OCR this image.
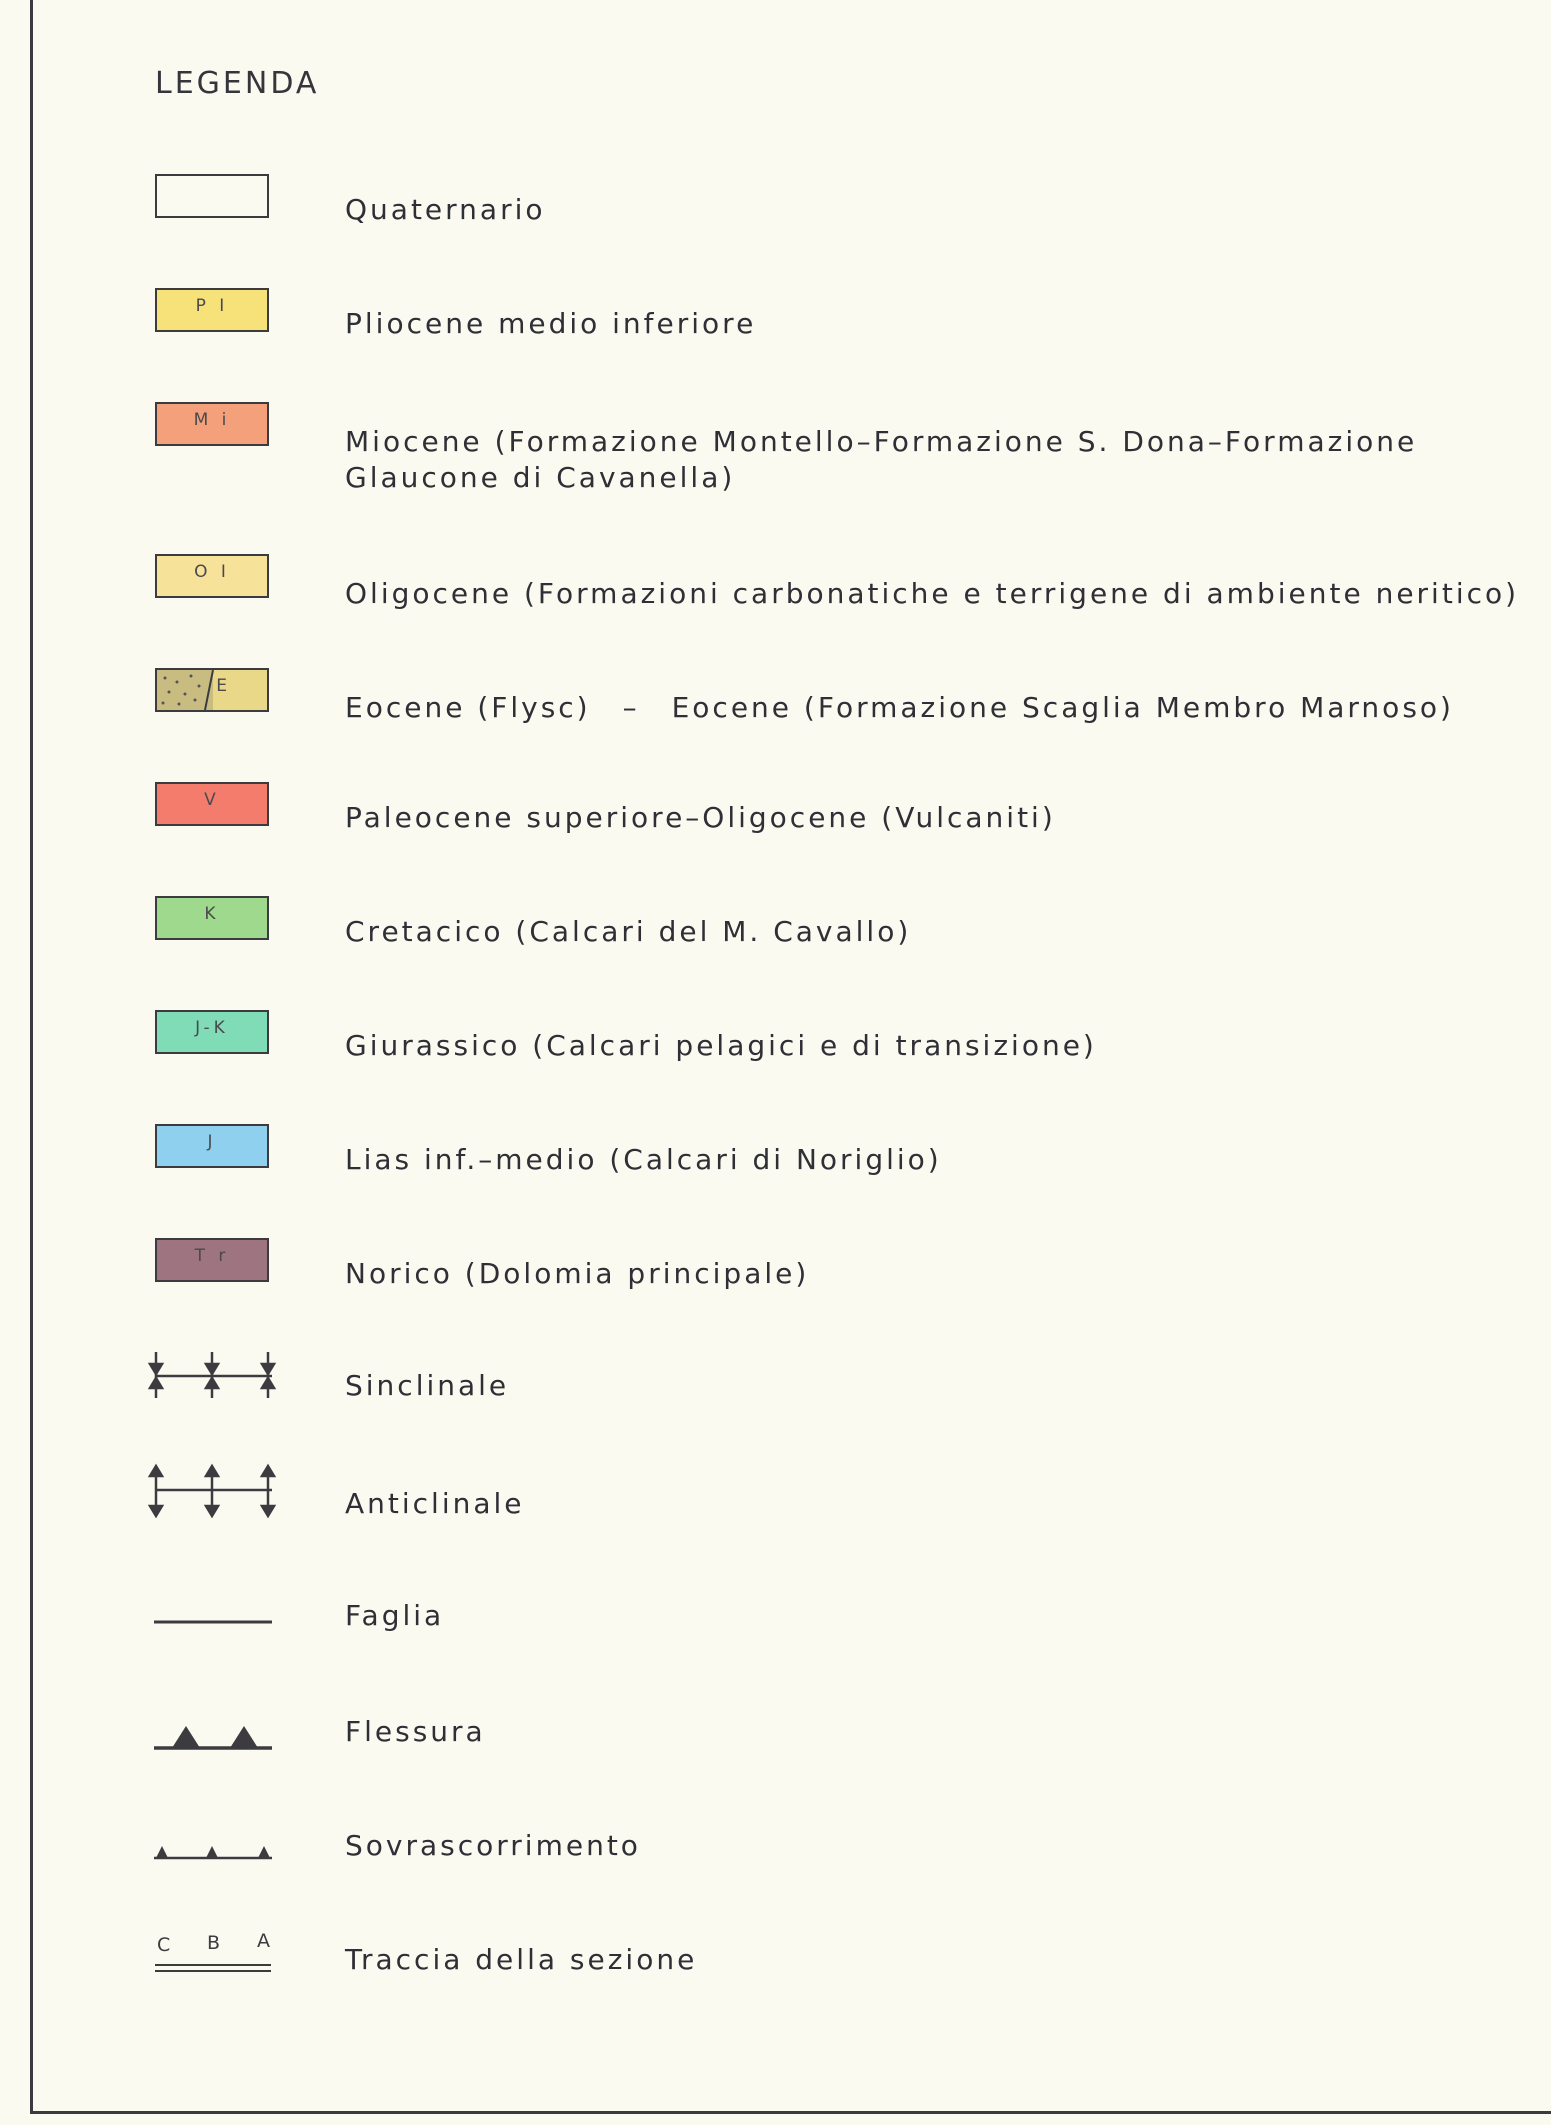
LEGENDA
Quaternario
P I
Pliocene medio inferiore
M i
Miocene (Formazione Montello–Formazione S. Dona–Formazione
Glaucone di Cavanella)
O I
Oligocene (Formazioni carbonatiche e terrigene di ambiente neritico)
E
Eocene (Flysc) – Eocene (Formazione Scaglia Membro Marnoso)
V
Paleocene superiore–Oligocene (Vulcaniti)
K
Cretacico (Calcari del M. Cavallo)
J-K
Giurassico (Calcari pelagici e di transizione)
J
Lias inf.–medio (Calcari di Noriglio)
T r
Norico (Dolomia principale)
Sinclinale
Anticlinale
Faglia
Flessura
Sovrascorrimento
C B A
Traccia della sezione
